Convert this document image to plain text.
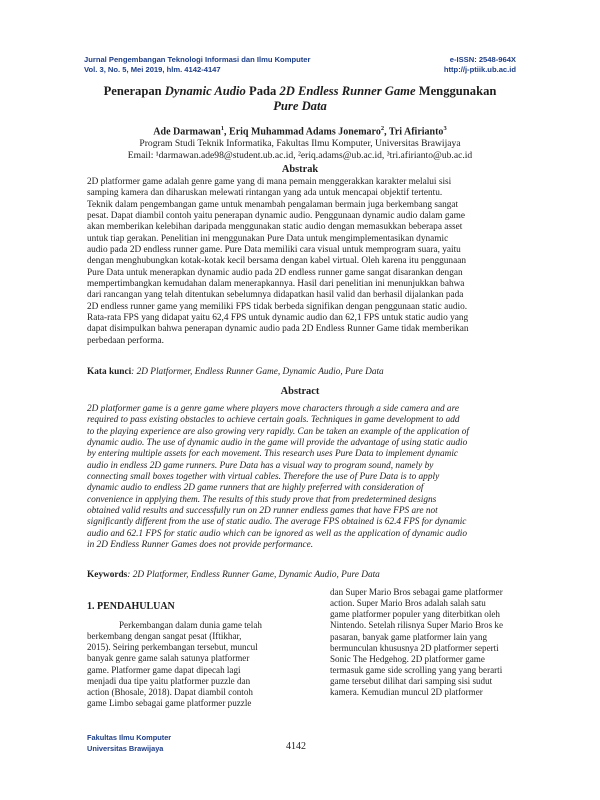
Jurnal Pengembangan Teknologi Informasi dan Ilmu Komputer
Vol. 3, No. 5, Mei 2019, hlm. 4142-4147
e-ISSN: 2548-964X
http://j-ptiik.ub.ac.id
Penerapan Dynamic Audio Pada 2D Endless Runner Game Menggunakan
Pure Data
Ade Darmawan$^1$, Eriq Muhammad Adams Jonemaro$^2$, Tri Afirianto$^3$
Program Studi Teknik Informatika, Fakultas Ilmu Komputer, Universitas Brawijaya
Email: ¹darmawan.ade98@student.ub.ac.id, ²eriq.adams@ub.ac.id, ³tri.afirianto@ub.ac.id
Abstrak
2D platformer game adalah genre game yang di mana pemain menggerakkan karakter melalui sisi
samping kamera dan diharuskan melewati rintangan yang ada untuk mencapai objektif tertentu.
Teknik dalam pengembangan game untuk menambah pengalaman bermain juga berkembang sangat
pesat. Dapat diambil contoh yaitu penerapan dynamic audio. Penggunaan dynamic audio dalam game
akan memberikan kelebihan daripada menggunakan static audio dengan memasukkan beberapa asset
untuk tiap gerakan. Penelitian ini menggunakan Pure Data untuk mengimplementasikan dynamic
audio pada 2D endless runner game. Pure Data memiliki cara visual untuk memprogram suara, yaitu
dengan menghubungkan kotak-kotak kecil bersama dengan kabel virtual. Oleh karena itu penggunaan
Pure Data untuk menerapkan dynamic audio pada 2D endless runner game sangat disarankan dengan
mempertimbangkan kemudahan dalam menerapkannya. Hasil dari penelitian ini menunjukkan bahwa
dari rancangan yang telah ditentukan sebelumnya didapatkan hasil valid dan berhasil dijalankan pada
2D endless runner game yang memiliki FPS tidak berbeda signifikan dengan penggunaan static audio.
Rata-rata FPS yang didapat yaitu 62,4 FPS untuk dynamic audio dan 62,1 FPS untuk static audio yang
dapat disimpulkan bahwa penerapan dynamic audio pada 2D Endless Runner Game tidak memberikan
perbedaan performa.
Kata kunci: 2D Platformer, Endless Runner Game, Dynamic Audio, Pure Data
Abstract
2D platformer game is a genre game where players move characters through a side camera and are
required to pass existing obstacles to achieve certain goals. Techniques in game development to add
to the playing experience are also growing very rapidly. Can be taken an example of the application of
dynamic audio. The use of dynamic audio in the game will provide the advantage of using static audio
by entering multiple assets for each movement. This research uses Pure Data to implement dynamic
audio in endless 2D game runners. Pure Data has a visual way to program sound, namely by
connecting small boxes together with virtual cables. Therefore the use of Pure Data is to apply
dynamic audio to endless 2D game runners that are highly preferred with consideration of
convenience in applying them. The results of this study prove that from predetermined designs
obtained valid results and successfully run on 2D runner endless games that have FPS are not
significantly different from the use of static audio. The average FPS obtained is 62.4 FPS for dynamic
audio and 62.1 FPS for static audio which can be ignored as well as the application of dynamic audio
in 2D Endless Runner Games does not provide performance.
Keywords: 2D Platformer, Endless Runner Game, Dynamic Audio, Pure Data
1. PENDAHULUAN
Perkembangan dalam dunia game telah
berkembang dengan sangat pesat (Iftikhar,
2015). Seiring perkembangan tersebut, muncul
banyak genre game salah satunya platformer
game. Platformer game dapat dipecah lagi
menjadi dua tipe yaitu platformer puzzle dan
action (Bhosale, 2018). Dapat diambil contoh
game Limbo sebagai game platformer puzzle
dan Super Mario Bros sebagai game platformer
action. Super Mario Bros adalah salah satu
game platformer populer yang diterbitkan oleh
Nintendo. Setelah rilisnya Super Mario Bros ke
pasaran, banyak game platformer lain yang
bermunculan khususnya 2D platformer seperti
Sonic The Hedgehog. 2D platformer game
termasuk game side scrolling yang yang berarti
game tersebut dilihat dari samping sisi sudut
kamera. Kemudian muncul 2D platformer
Fakultas Ilmu Komputer
Universitas Brawijaya	4142
